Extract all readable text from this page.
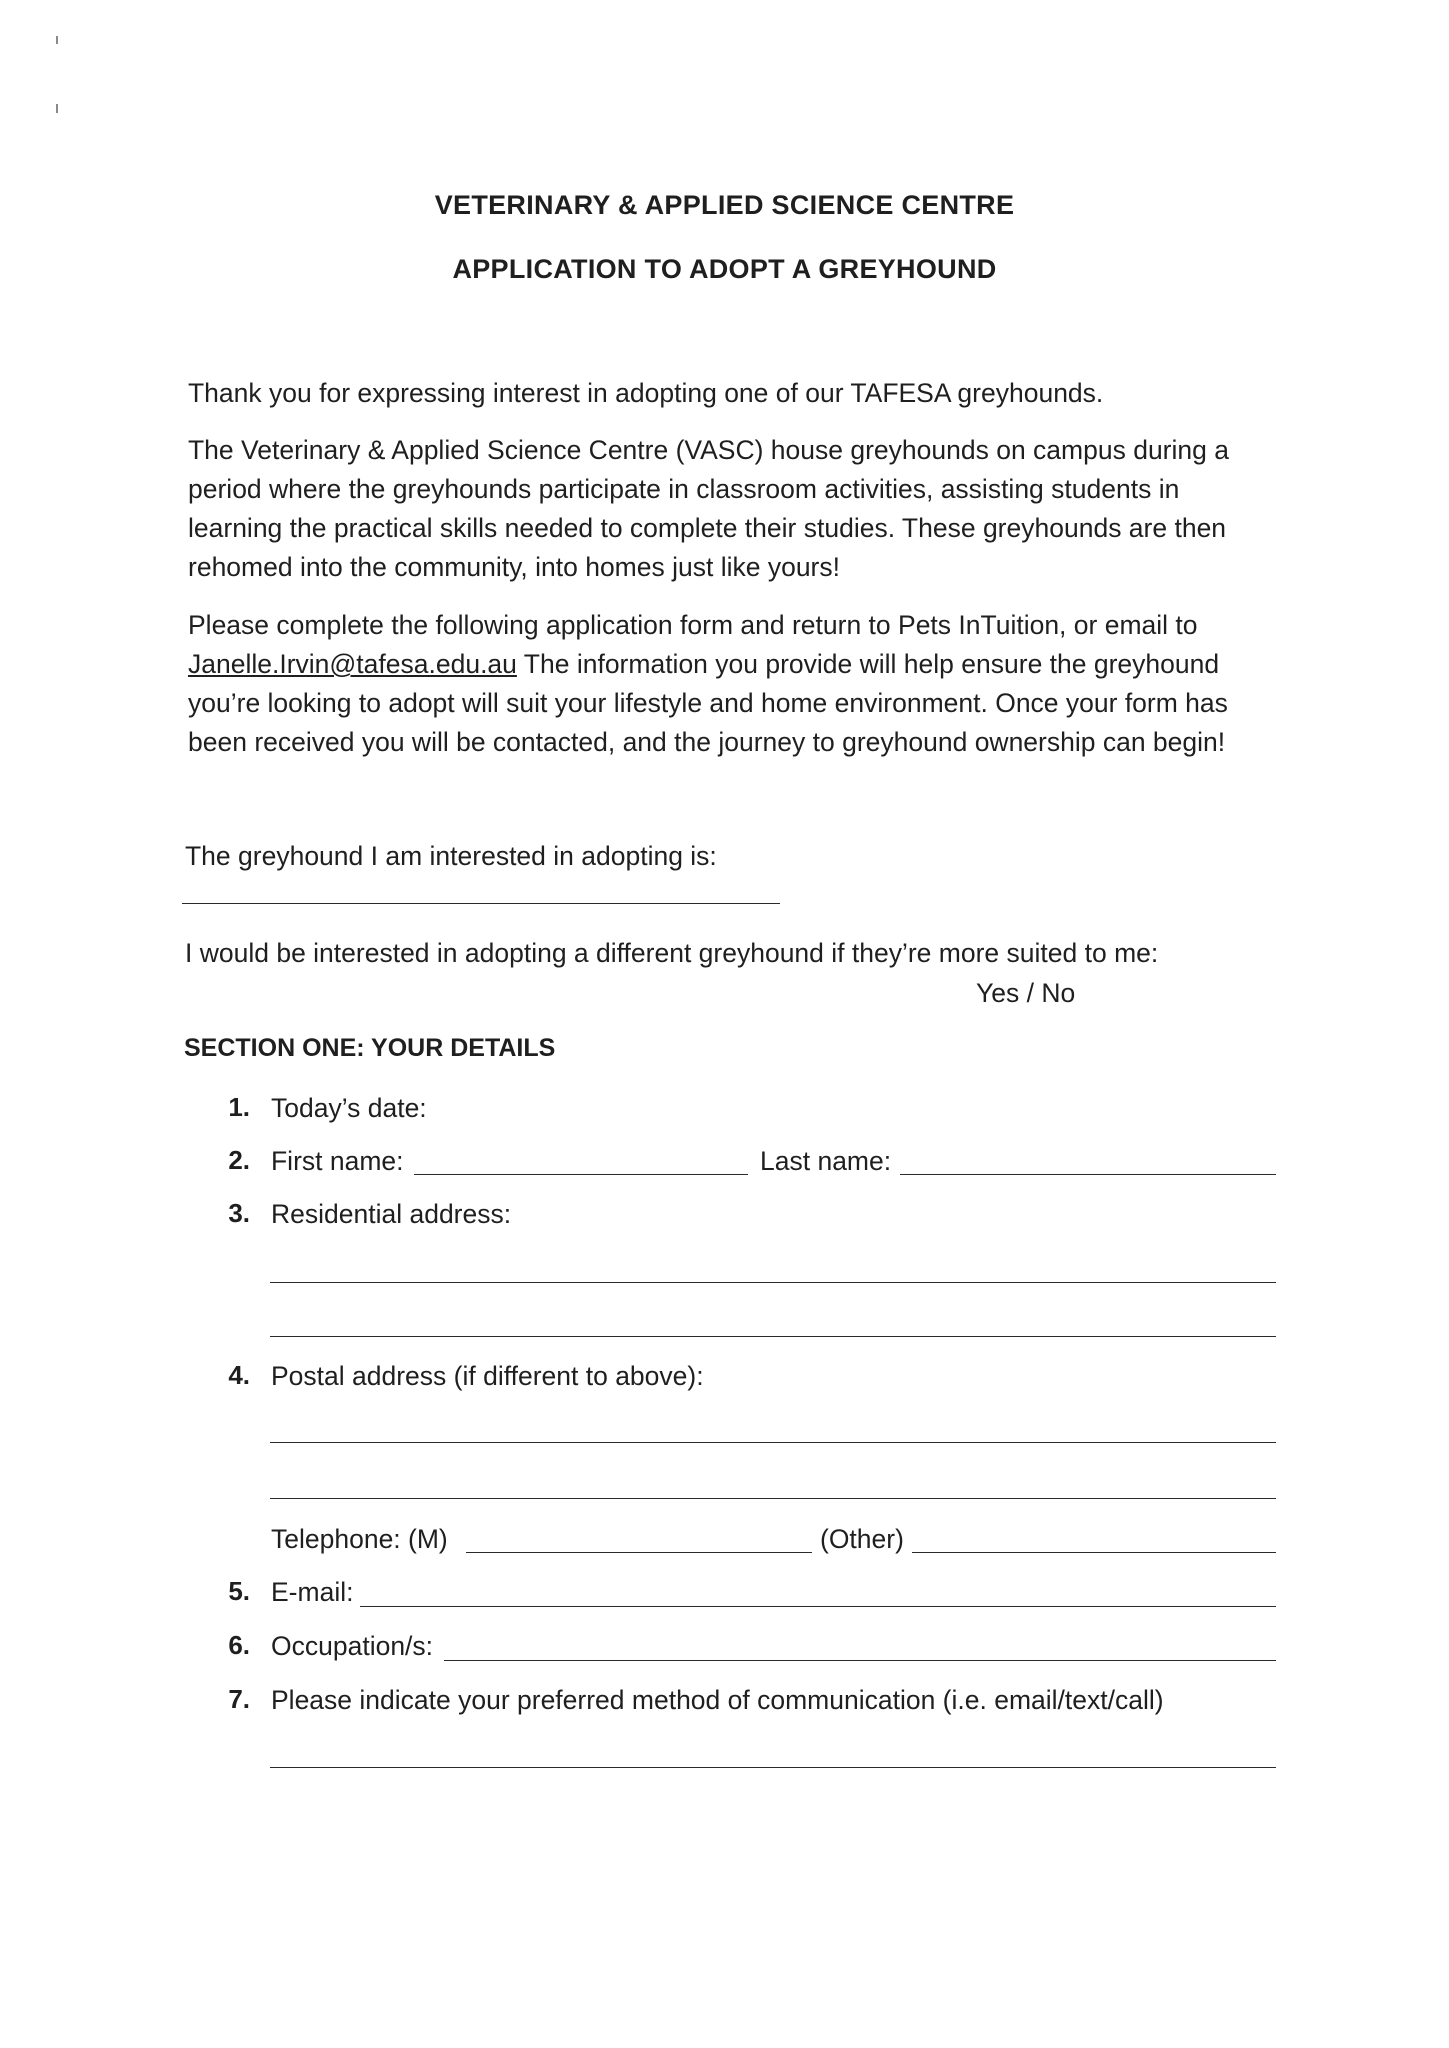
VETERINARY & APPLIED SCIENCE CENTRE
APPLICATION TO ADOPT A GREYHOUND

Thank you for expressing interest in adopting one of our TAFESA greyhounds.

The Veterinary & Applied Science Centre (VASC) house greyhounds on campus during a

period where the greyhounds participate in classroom activities, assisting students in

learning the practical skills needed to complete their studies. These greyhounds are then

rehomed into the community, into homes just like yours!

Please complete the following application form and return to Pets InTuition, or email to

Janelle.Irvin@tafesa.edu.au The information you provide will help ensure the greyhound

you’re looking to adopt will suit your lifestyle and home environment. Once your form has

been received you will be contacted, and the journey to greyhound ownership can begin!

The greyhound I am interested in adopting is:
I would be interested in adopting a different greyhound if they’re more suited to me:
Yes / No
SECTION ONE: YOUR DETAILS
1. Today’s date:
2. First name:	Last name:
3. Residential address:
4. Postal address (if different to above):
Telephone: (M)	(Other)
5. E-mail:
6. Occupation/s:
7. Please indicate your preferred method of communication (i.e. email/text/call)
